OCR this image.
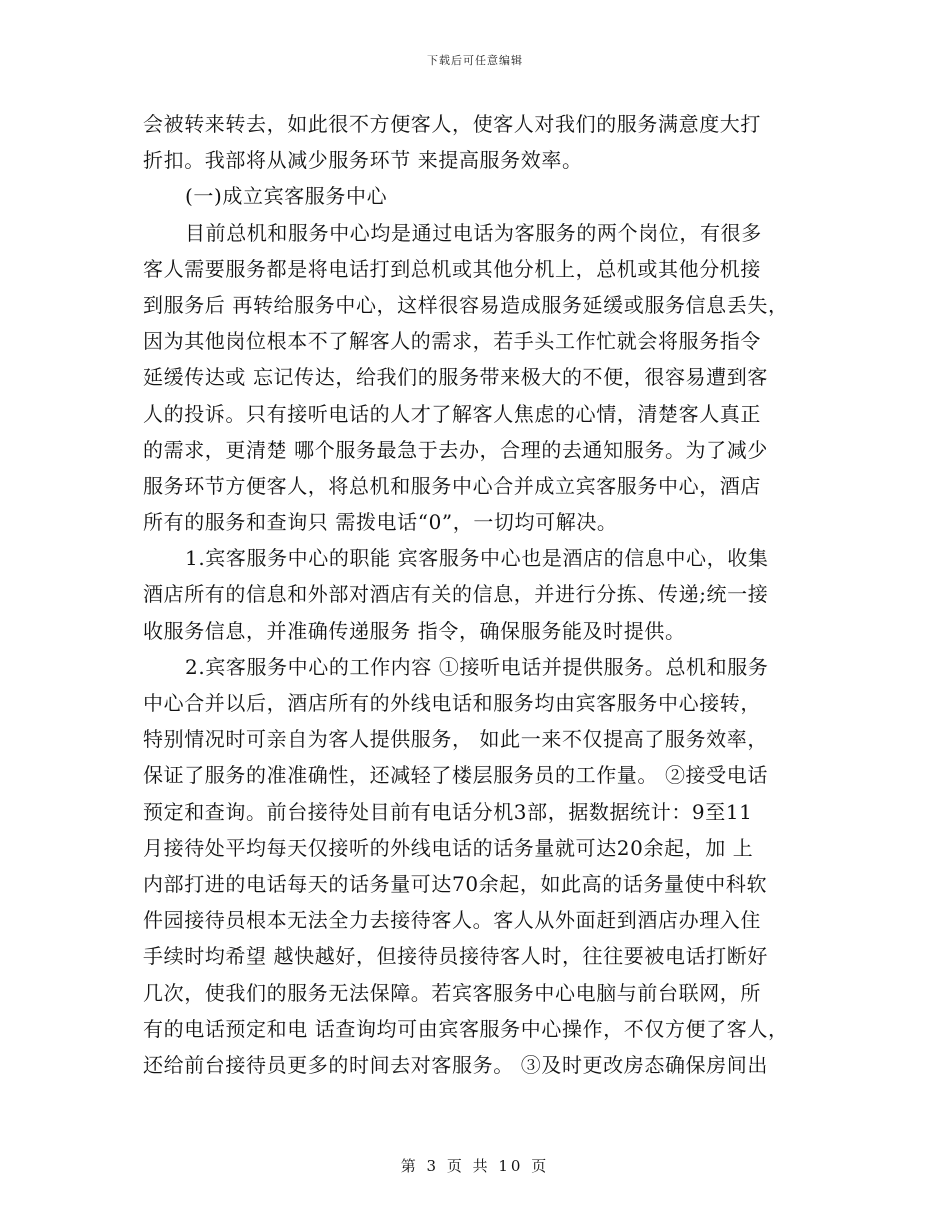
下载后可任意编辑
会被转来转去，如此很不方便客人，使客人对我们的服务满意度大打
折扣。我部将从减少服务环节 来提高服务效率。
(一)成立宾客服务中心
目前总机和服务中心均是通过电话为客服务的两个岗位，有很多
客人需要服务都是将电话打到总机或其他分机上，总机或其他分机接
到服务后 再转给服务中心，这样很容易造成服务延缓或服务信息丢失，
因为其他岗位根本不了解客人的需求，若手头工作忙就会将服务指令
延缓传达或 忘记传达，给我们的服务带来极大的不便，很容易遭到客
人的投诉。只有接听电话的人才了解客人焦虑的心情，清楚客人真正
的需求，更清楚 哪个服务最急于去办，合理的去通知服务。为了减少
服务环节方便客人，将总机和服务中心合并成立宾客服务中心，酒店
所有的服务和查询只 需拨电话“0”，一切均可解决。
1.宾客服务中心的职能 宾客服务中心也是酒店的信息中心，收集
酒店所有的信息和外部对酒店有关的信息，并进行分拣、传递;统一接
收服务信息，并准确传递服务 指令，确保服务能及时提供。
2.宾客服务中心的工作内容 ①接听电话并提供服务。总机和服务
中心合并以后，酒店所有的外线电话和服务均由宾客服务中心接转，
特别情况时可亲自为客人提供服务， 如此一来不仅提高了服务效率，
保证了服务的准准确性，还减轻了楼层服务员的工作量。 ②接受电话
预定和查询。前台接待处目前有电话分机3部，据数据统计：9至11
月接待处平均每天仅接听的外线电话的话务量就可达20余起，加 上
内部打进的电话每天的话务量可达70余起，如此高的话务量使中科软
件园接待员根本无法全力去接待客人。客人从外面赶到酒店办理入住
手续时均希望 越快越好，但接待员接待客人时，往往要被电话打断好
几次，使我们的服务无法保障。若宾客服务中心电脑与前台联网，所
有的电话预定和电 话查询均可由宾客服务中心操作，不仅方便了客人，
还给前台接待员更多的时间去对客服务。 ③及时更改房态确保房间出
第 3 页 共 10 页
